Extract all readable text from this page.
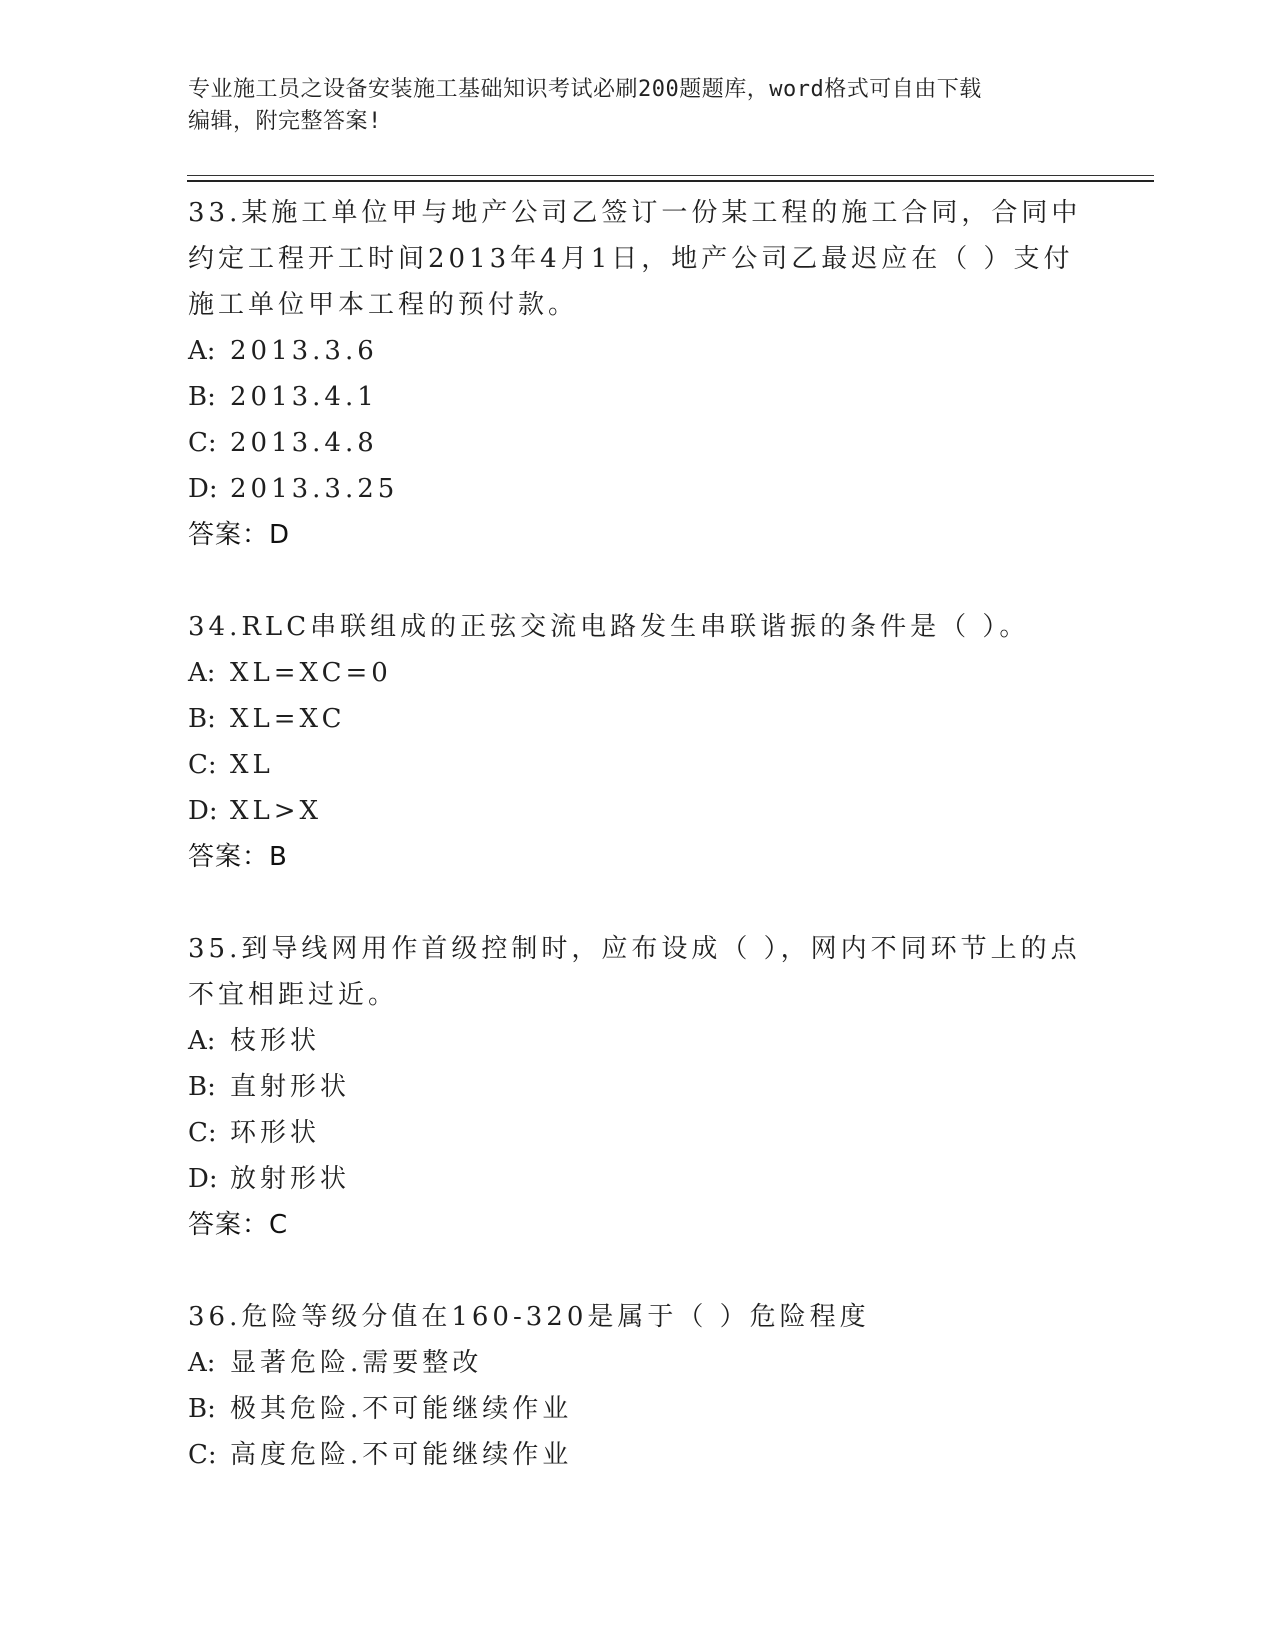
专业施工员之设备安装施工基础知识考试必刷200题题库，word格式可自由下载
编辑，附完整答案!

33.某施工单位甲与地产公司乙签订一份某工程的施工合同，合同中约定工程开工时间2013年4月1日，地产公司乙最迟应在（ ）支付施工单位甲本工程的预付款。

A: 2013.3.6

B: 2013.4.1

C: 2013.4.8

D: 2013.3.25

答案：D

34.RLC串联组成的正弦交流电路发生串联谐振的条件是（ ）。

A: XL=XC=0

B: XL=XC

C: XL

D: XL>X

答案：B

35.到导线网用作首级控制时，应布设成（ ），网内不同环节上的点不宜相距过近。

A: 枝形状

B: 直射形状

C: 环形状

D: 放射形状

答案：C

36.危险等级分值在160-320是属于（ ）危险程度

A: 显著危险.需要整改

B: 极其危险.不可能继续作业

C: 高度危险.不可能继续作业
